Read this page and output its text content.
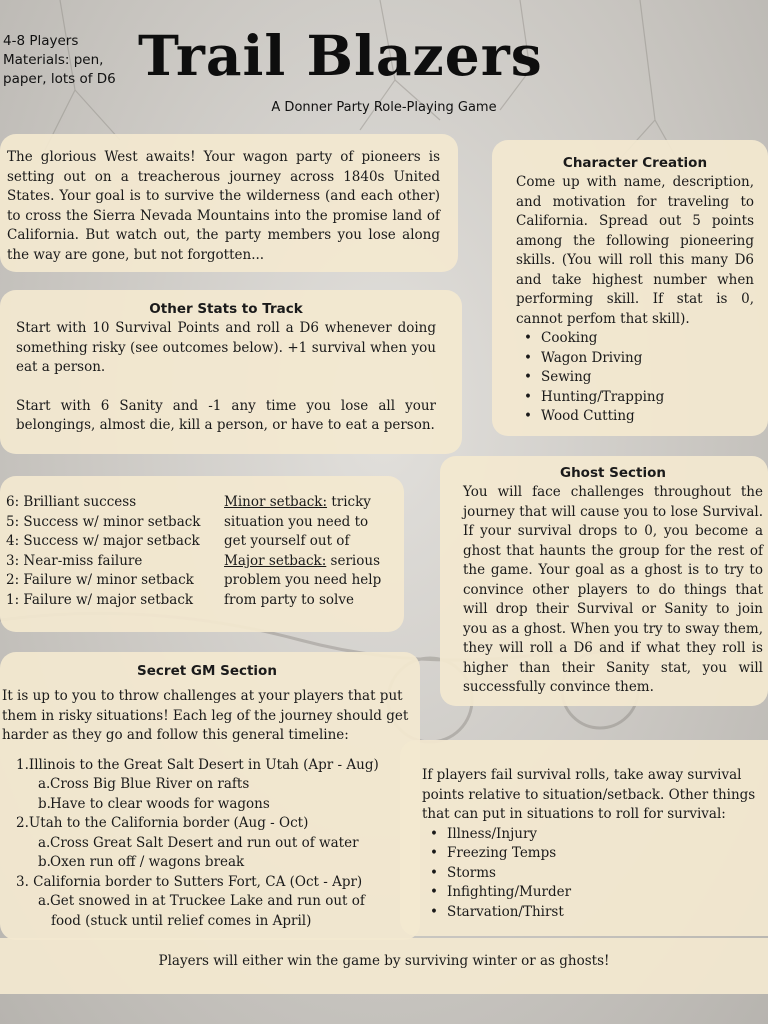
4-8 Players
Materials: pen,
paper, lots of D6 Trail Blazers
A Donner Party Role-Playing Game
The glorious West awaits! Your wagon party of pioneers is setting out on a treacherous journey across 1840s United States. Your goal is to survive the wilderness (and each other) to cross the Sierra Nevada Mountains into the promise land of California. But watch out, the party members you lose along the way are gone, but not forgotten...
Character Creation
Come up with name, description, and motivation for traveling to California. Spread out 5 points among the following pioneering skills. (You will roll this many D6 and take highest number when performing skill. If stat is 0, cannot perfom that skill).
• Cooking
• Wagon Driving
• Sewing
• Hunting/Trapping
• Wood Cutting
Other Stats to Track
Start with 10 Survival Points and roll a D6 whenever doing something risky (see outcomes below). +1 survival when you eat a person.
Start with 6 Sanity and -1 any time you lose all your belongings, almost die, kill a person, or have to eat a person.
6: Brilliant success
5: Success w/ minor setback
4: Success w/ major setback
3: Near-miss failure
2: Failure w/ minor setback
1: Failure w/ major setback
Minor setback: tricky situation you need to get yourself out of
Major setback: serious problem you need help from party to solve
Ghost Section
You will face challenges throughout the journey that will cause you to lose Survival. If your survival drops to 0, you become a ghost that haunts the group for the rest of the game. Your goal as a ghost is to try to convince other players to do things that will drop their Survival or Sanity to join you as a ghost. When you try to sway them, they will roll a D6 and if what they roll is higher than their Sanity stat, you will successfully convince them.
Secret GM Section
It is up to you to throw challenges at your players that put them in risky situations! Each leg of the journey should get harder as they go and follow this general timeline:
1.Illinois to the Great Salt Desert in Utah (Apr - Aug)
a. Cross Big Blue River on rafts
b. Have to clear woods for wagons
2.Utah to the California border (Aug - Oct)
a. Cross Great Salt Desert and run out of water
b. Oxen run off / wagons break
3. California border to Sutters Fort, CA (Oct - Apr)
a. Get snowed in at Truckee Lake and run out of
food (stuck until relief comes in April)
If players fail survival rolls, take away survival points relative to situation/setback. Other things that can put in situations to roll for survival:
• Illness/Injury
• Freezing Temps
• Storms
• Infighting/Murder
• Starvation/Thirst
Players will either win the game by surviving winter or as ghosts!
